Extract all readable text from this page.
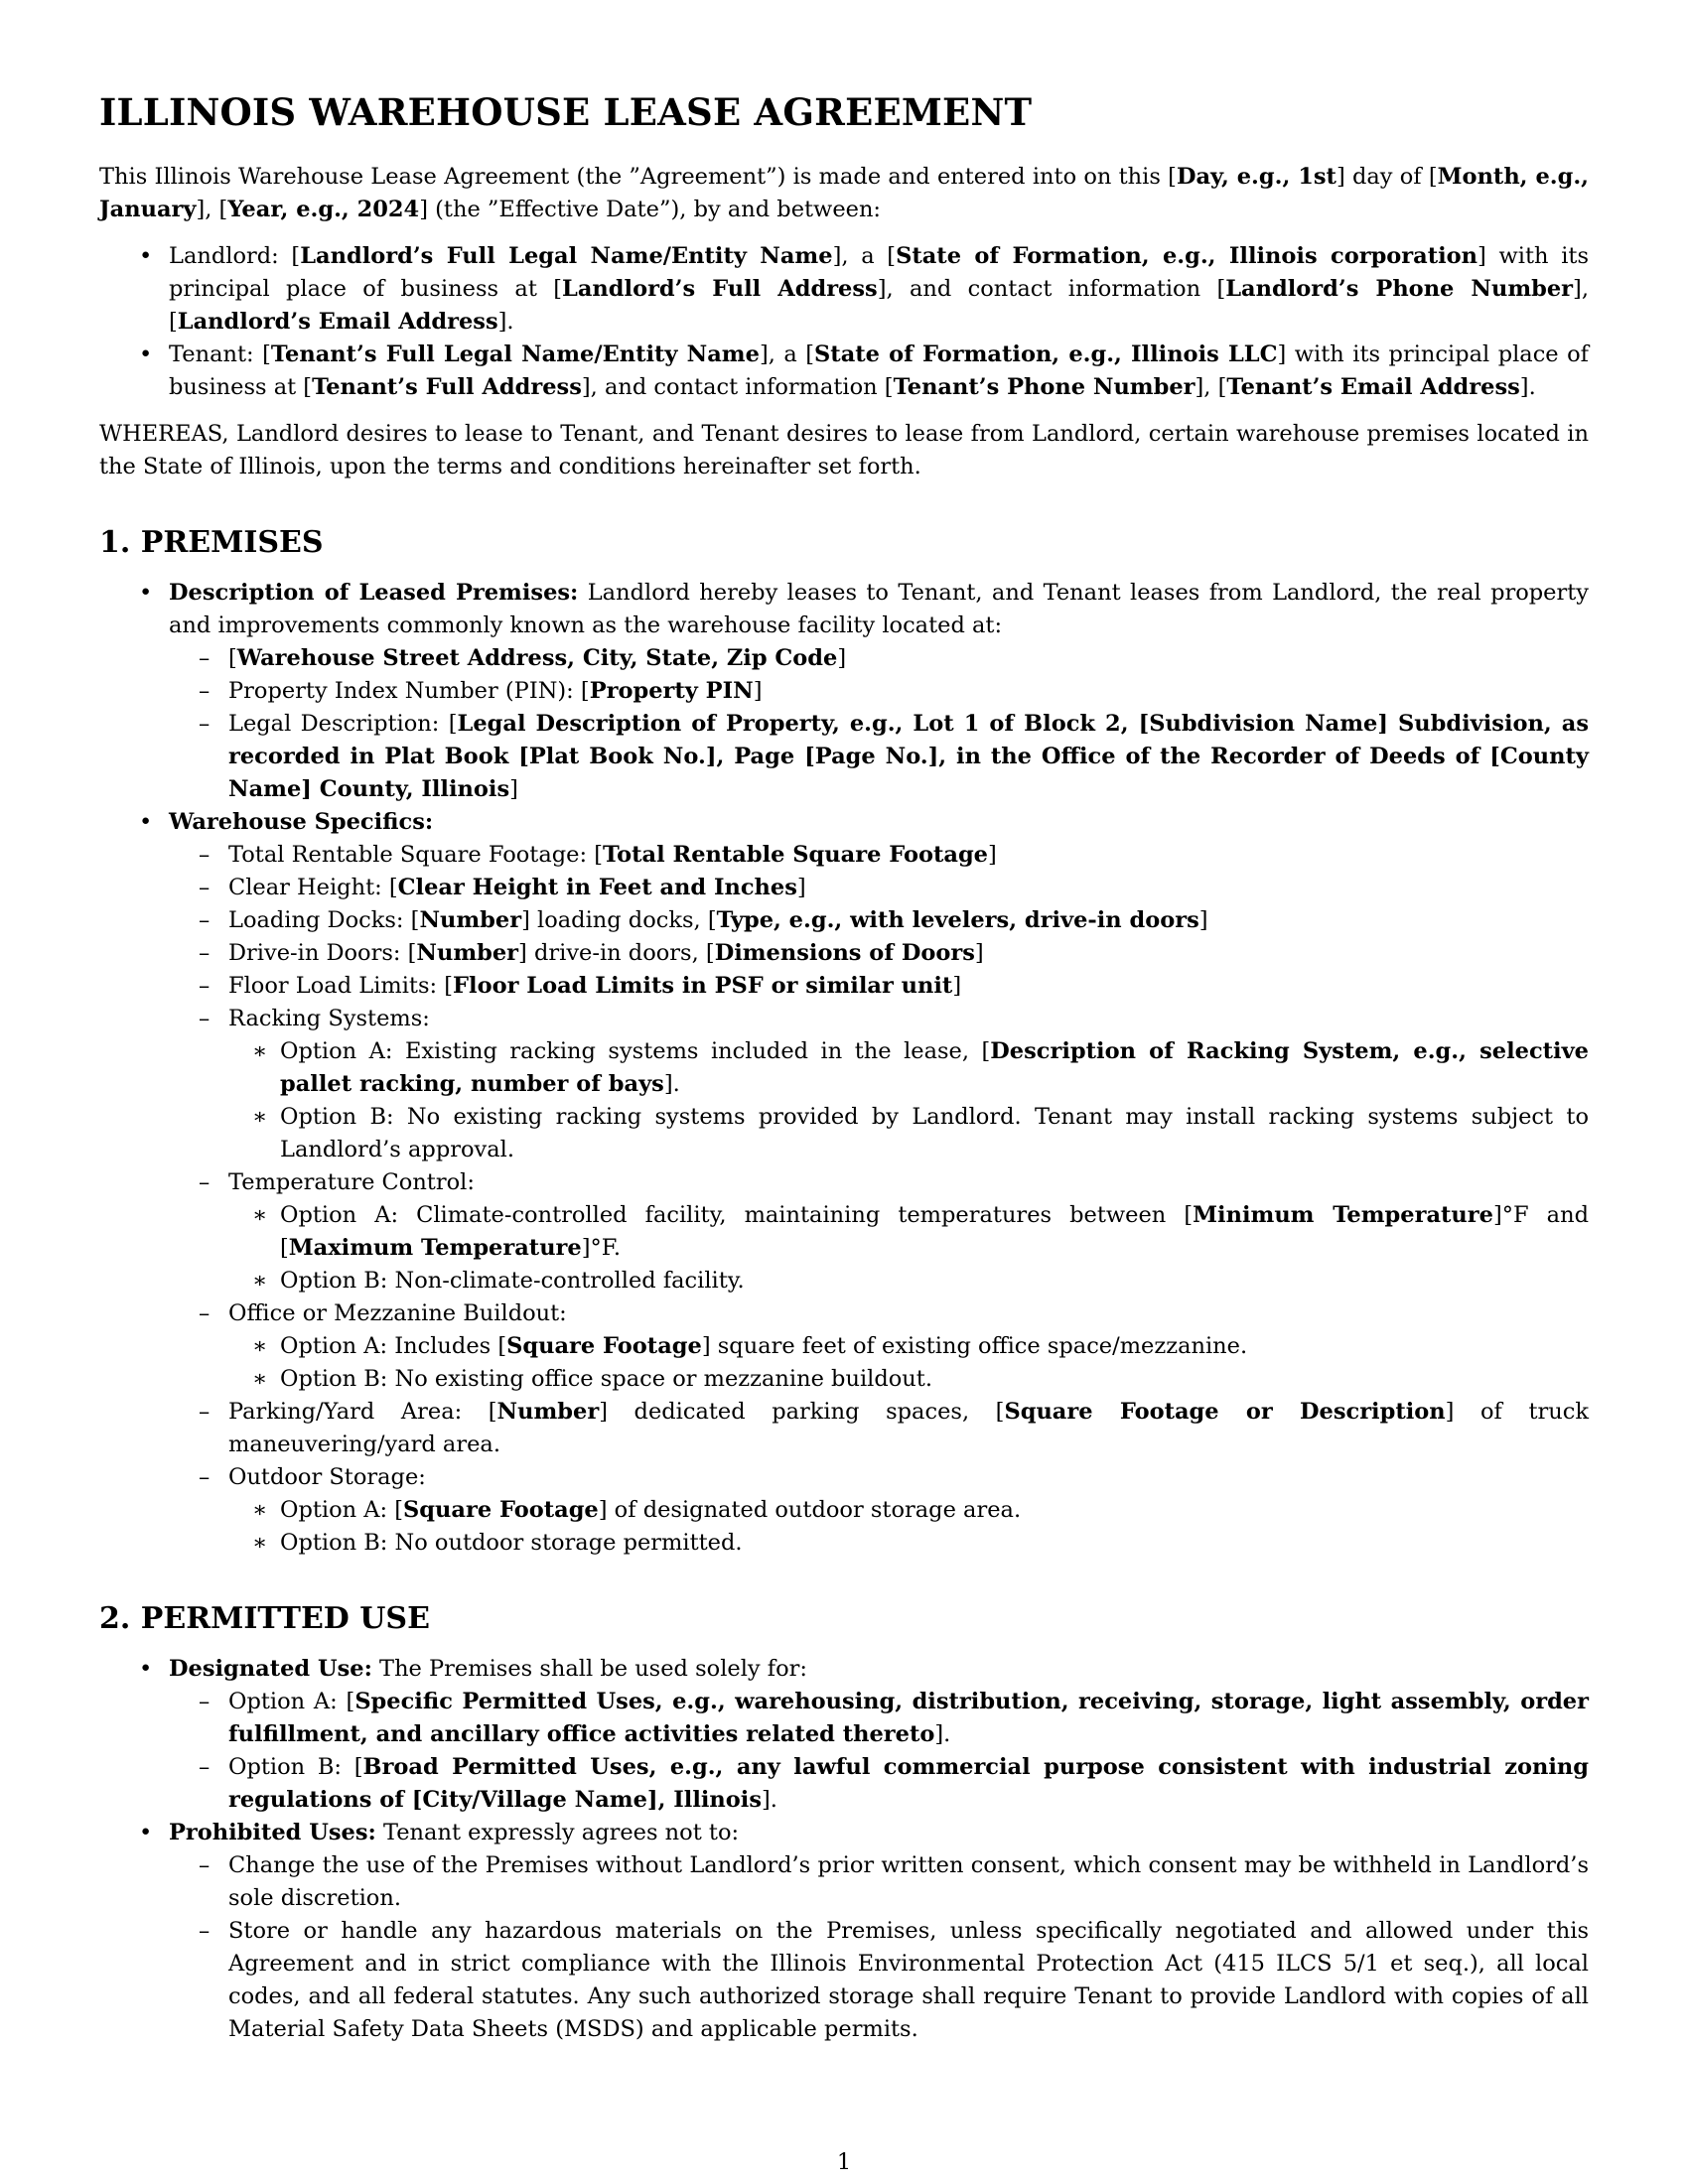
ILLINOIS WAREHOUSE LEASE AGREEMENT

This Illinois Warehouse Lease Agreement (the ”Agreement”) is made and entered into on this [Day, e.g., 1st] day of [Month, e.g., January], [Year, e.g., 2024] (the ”Effective Date”), by and between:

• Landlord: [Landlord’s Full Legal Name/Entity Name], a [State of Formation, e.g., Illinois corporation] with its principal place of business at [Landlord’s Full Address], and contact information [Landlord’s Phone Number], [Landlord’s Email Address].
• Tenant: [Tenant’s Full Legal Name/Entity Name], a [State of Formation, e.g., Illinois LLC] with its principal place of business at [Tenant’s Full Address], and contact information [Tenant’s Phone Number], [Tenant’s Email Address].

WHEREAS, Landlord desires to lease to Tenant, and Tenant desires to lease from Landlord, certain warehouse premises located in the State of Illinois, upon the terms and conditions hereinafter set forth.

1. PREMISES
• Description of Leased Premises: Landlord hereby leases to Tenant, and Tenant leases from Landlord, the real property and improvements commonly known as the warehouse facility located at:
– [Warehouse Street Address, City, State, Zip Code]
– Property Index Number (PIN): [Property PIN]
– Legal Description: [Legal Description of Property, e.g., Lot 1 of Block 2, [Subdivision Name] Subdivision, as recorded in Plat Book [Plat Book No.], Page [Page No.], in the Office of the Recorder of Deeds of [County Name] County, Illinois]
• Warehouse Specifics:
– Total Rentable Square Footage: [Total Rentable Square Footage]
– Clear Height: [Clear Height in Feet and Inches]
– Loading Docks: [Number] loading docks, [Type, e.g., with levelers, drive-in doors]
– Drive-in Doors: [Number] drive-in doors, [Dimensions of Doors]
– Floor Load Limits: [Floor Load Limits in PSF or similar unit]
– Racking Systems:
∗ Option A: Existing racking systems included in the lease, [Description of Racking System, e.g., selective pallet racking, number of bays].
∗ Option B: No existing racking systems provided by Landlord. Tenant may install racking systems subject to Landlord’s approval.
– Temperature Control:
∗ Option A: Climate-controlled facility, maintaining temperatures between [Minimum Temperature]°F and [Maximum Temperature]°F.
∗ Option B: Non-climate-controlled facility.
– Office or Mezzanine Buildout:
∗ Option A: Includes [Square Footage] square feet of existing office space/mezzanine.
∗ Option B: No existing office space or mezzanine buildout.
– Parking/Yard Area: [Number] dedicated parking spaces, [Square Footage or Description] of truck maneuvering/yard area.
– Outdoor Storage:
∗ Option A: [Square Footage] of designated outdoor storage area.
∗ Option B: No outdoor storage permitted.
2. PERMITTED USE
• Designated Use: The Premises shall be used solely for:
– Option A: [Specific Permitted Uses, e.g., warehousing, distribution, receiving, storage, light assembly, order fulfillment, and ancillary office activities related thereto].
– Option B: [Broad Permitted Uses, e.g., any lawful commercial purpose consistent with industrial zoning regulations of [City/Village Name], Illinois].
• Prohibited Uses: Tenant expressly agrees not to:
– Change the use of the Premises without Landlord’s prior written consent, which consent may be withheld in Landlord’s sole discretion.
– Store or handle any hazardous materials on the Premises, unless specifically negotiated and allowed under this Agreement and in strict compliance with the Illinois Environmental Protection Act (415 ILCS 5/1 et seq.), all local codes, and all federal statutes. Any such authorized storage shall require Tenant to provide Landlord with copies of all Material Safety Data Sheets (MSDS) and applicable permits.
1
